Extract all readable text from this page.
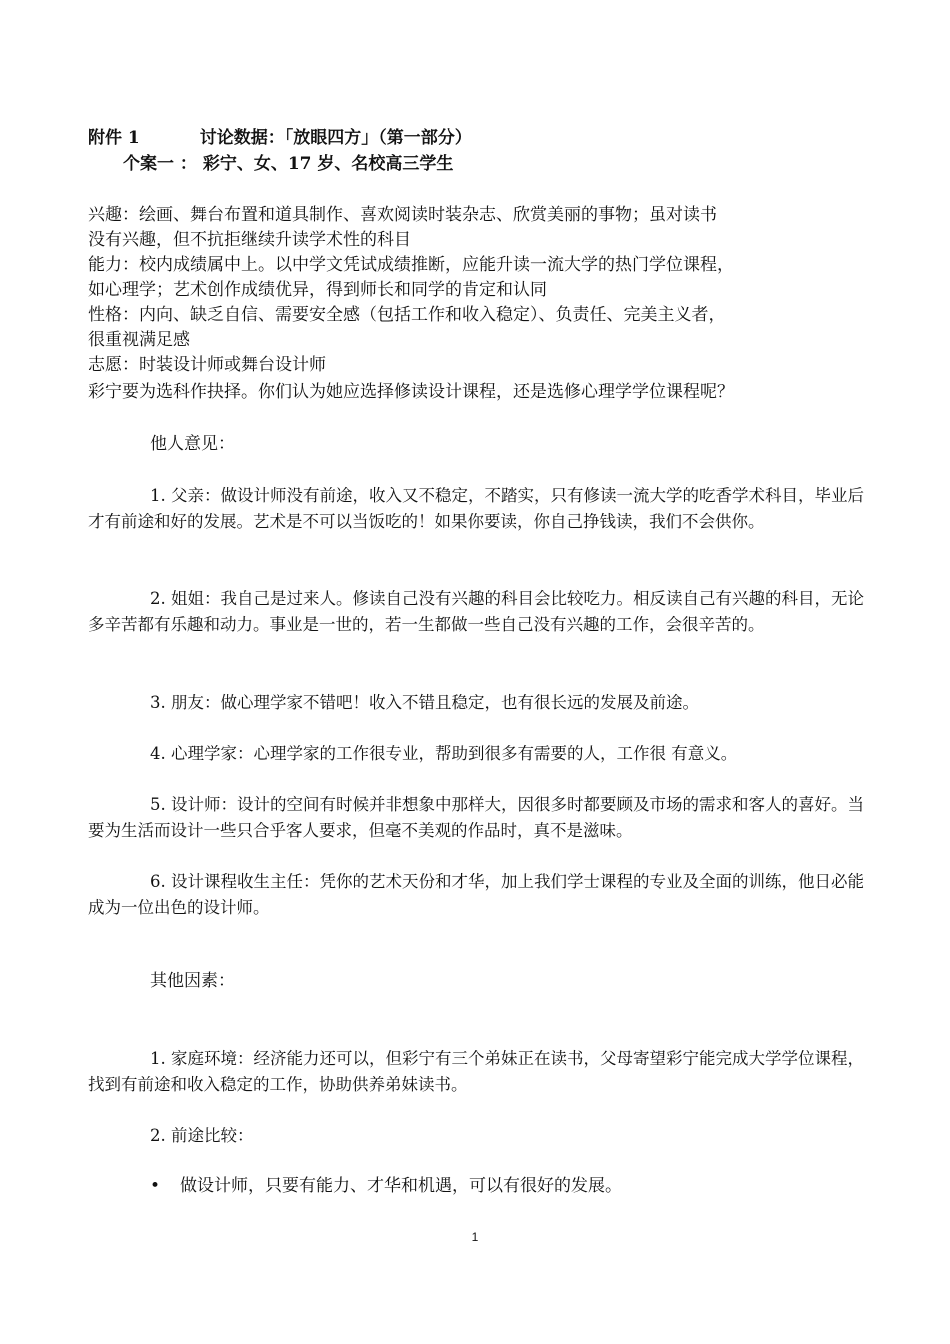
附件 1	讨论数据：「放眼四方」（第一部分）
个案一 ： 彩宁、女、17 岁、名校高三学生
兴趣：绘画、舞台布置和道具制作、喜欢阅读时装杂志、欣赏美丽的事物；虽对读书
没有兴趣，但不抗拒继续升读学术性的科目
能力：校内成绩属中上。以中学文凭试成绩推断，应能升读一流大学的热门学位课程，
如心理学；艺术创作成绩优异，得到师长和同学的肯定和认同
性格：内向、缺乏自信、需要安全感（包括工作和收入稳定）、负责任、完美主义者，
很重视满足感
志愿：时装设计师或舞台设计师
彩宁要为选科作抉择。你们认为她应选择修读设计课程，还是选修心理学学位课程呢？
他人意见：
1. 父亲：做设计师没有前途，收入又不稳定，不踏实，只有修读一流大学的吃香学术科目，毕业后才有前途和好的发展。艺术是不可以当饭吃的！如果你要读，你自己挣钱读，我们不会供你。
2. 姐姐：我自己是过来人。修读自己没有兴趣的科目会比较吃力。相反读自己有兴趣的科目，无论多辛苦都有乐趣和动力。事业是一世的，若一生都做一些自己没有兴趣的工作，会很辛苦的。
3. 朋友：做心理学家不错吧！收入不错且稳定，也有很长远的发展及前途。
4. 心理学家：心理学家的工作很专业，帮助到很多有需要的人，工作很 有意义。
5. 设计师：设计的空间有时候并非想象中那样大，因很多时都要顾及市场的需求和客人的喜好。当要为生活而设计一些只合乎客人要求，但毫不美观的作品时，真不是滋味。
6. 设计课程收生主任：凭你的艺术天份和才华，加上我们学士课程的专业及全面的训练，他日必能成为一位出色的设计师。
其他因素：
1. 家庭环境：经济能力还可以，但彩宁有三个弟妹正在读书，父母寄望彩宁能完成大学学位课程，找到有前途和收入稳定的工作，协助供养弟妹读书。
2. 前途比较：
• 做设计师，只要有能力、才华和机遇，可以有很好的发展。
1
